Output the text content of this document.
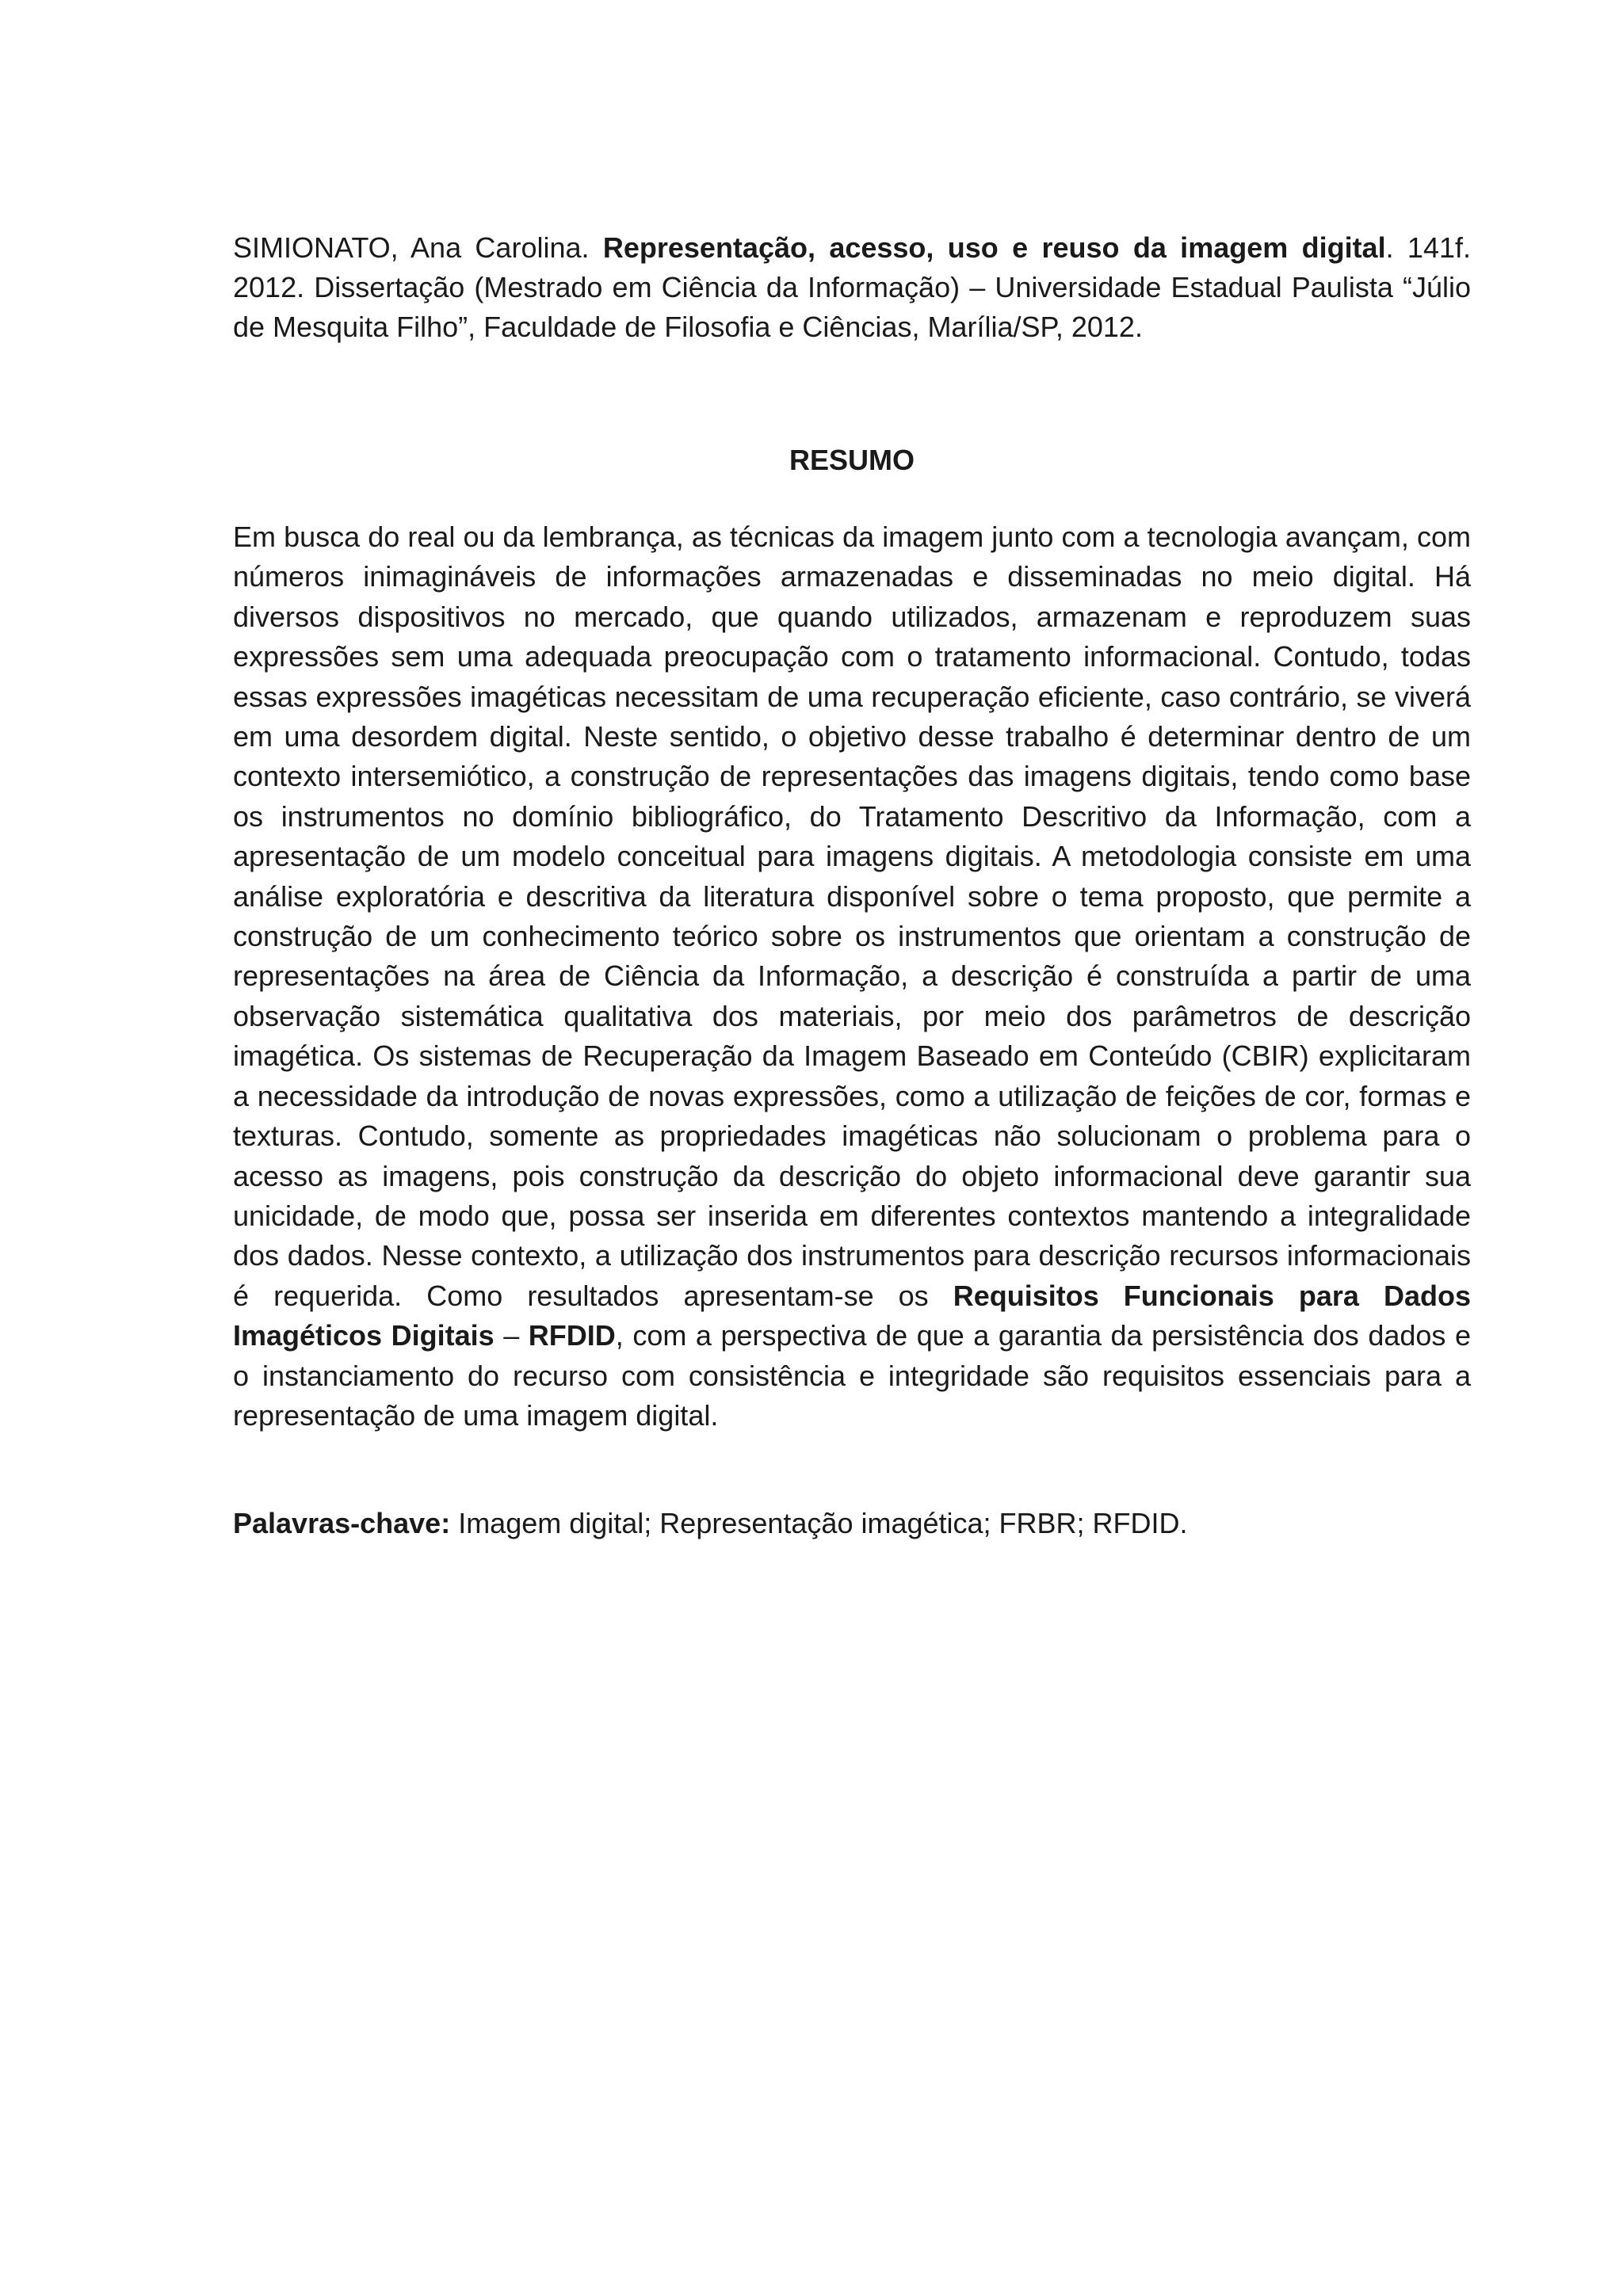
SIMIONATO, Ana Carolina. Representação, acesso, uso e reuso da imagem digital. 141f. 2012. Dissertação (Mestrado em Ciência da Informação) – Universidade Estadual Paulista “Júlio de Mesquita Filho”, Faculdade de Filosofia e Ciências, Marília/SP, 2012.

RESUMO

Em busca do real ou da lembrança, as técnicas da imagem junto com a tecnologia avançam, com números inimagináveis de informações armazenadas e disseminadas no meio digital. Há diversos dispositivos no mercado, que quando utilizados, armazenam e reproduzem suas expressões sem uma adequada preocupação com o tratamento informacional. Contudo, todas essas expressões imagéticas necessitam de uma recuperação eficiente, caso contrário, se viverá em uma desordem digital. Neste sentido, o objetivo desse trabalho é determinar dentro de um contexto intersemiótico, a construção de representações das imagens digitais, tendo como base os instrumentos no domínio bibliográfico, do Tratamento Descritivo da Informação, com a apresentação de um modelo conceitual para imagens digitais. A metodologia consiste em uma análise exploratória e descritiva da literatura disponível sobre o tema proposto, que permite a construção de um conhecimento teórico sobre os instrumentos que orientam a construção de representações na área de Ciência da Informação, a descrição é construída a partir de uma observação sistemática qualitativa dos materiais, por meio dos parâmetros de descrição imagética. Os sistemas de Recuperação da Imagem Baseado em Conteúdo (CBIR) explicitaram a necessidade da introdução de novas expressões, como a utilização de feições de cor, formas e texturas. Contudo, somente as propriedades imagéticas não solucionam o problema para o acesso as imagens, pois construção da descrição do objeto informacional deve garantir sua unicidade, de modo que, possa ser inserida em diferentes contextos mantendo a integralidade dos dados. Nesse contexto, a utilização dos instrumentos para descrição recursos informacionais é requerida. Como resultados apresentam-se os Requisitos Funcionais para Dados Imagéticos Digitais – RFDID, com a perspectiva de que a garantia da persistência dos dados e o instanciamento do recurso com consistência e integridade são requisitos essenciais para a representação de uma imagem digital.

Palavras-chave: Imagem digital; Representação imagética; FRBR; RFDID.
